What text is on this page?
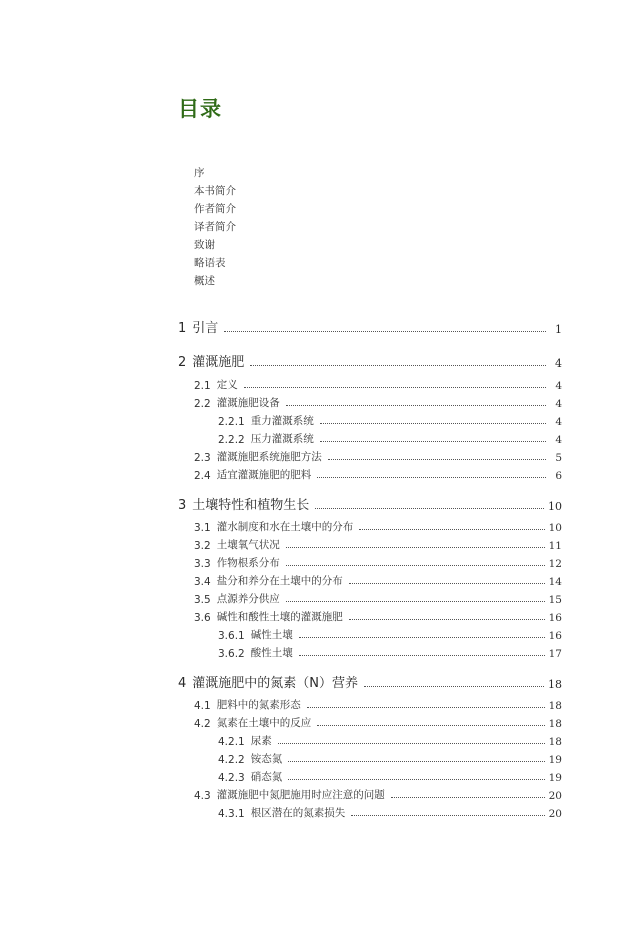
目录
序
本书简介
作者简介
译者简介
致谢
略语表
概述
1 引言	1
2 灌溉施肥	4
2.1 定义	4
2.2 灌溉施肥设备	4
2.2.1 重力灌溉系统	4
2.2.2 压力灌溉系统	4
2.3 灌溉施肥系统施肥方法	5
2.4 适宜灌溉施肥的肥料	6
3 土壤特性和植物生长	10
3.1 灌水制度和水在土壤中的分布	10
3.2 土壤氧气状况	11
3.3 作物根系分布	12
3.4 盐分和养分在土壤中的分布	14
3.5 点源养分供应	15
3.6 碱性和酸性土壤的灌溉施肥	16
3.6.1 碱性土壤	16
3.6.2 酸性土壤	17
4 灌溉施肥中的氮素（N）营养	18
4.1 肥料中的氮素形态	18
4.2 氮素在土壤中的反应	18
4.2.1 尿素	18
4.2.2 铵态氮	19
4.2.3 硝态氮	19
4.3 灌溉施肥中氮肥施用时应注意的问题	20
4.3.1 根区潜在的氮素损失	20
